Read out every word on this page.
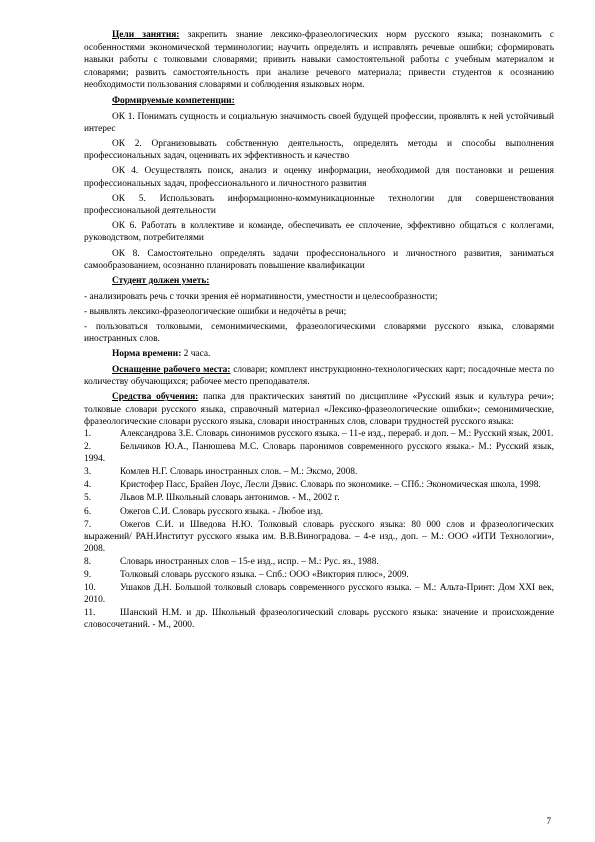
Цели занятия: закрепить знание лексико-фразеологических норм русского языка; познакомить с особенностями экономической терминологии; научить определять и исправлять речевые ошибки; сформировать навыки работы с толковыми словарями; привить навыки самостоятельной работы с учебным материалом и словарями; развить самостоятельность при анализе речевого материала; привести студентов к осознанию необходимости пользования словарями и соблюдения языковых норм.

Формируемые компетенции:

ОК 1. Понимать сущность и социальную значимость своей будущей профессии, проявлять к ней устойчивый интерес

ОК 2. Организовывать собственную деятельность, определять методы и способы выполнения профессиональных задач, оценивать их эффективность и качество

ОК 4. Осуществлять поиск, анализ и оценку информации, необходимой для постановки и решения профессиональных задач, профессионального и личностного развития

ОК 5. Использовать информационно-коммуникационные технологии для совершенствования профессиональной деятельности

ОК 6. Работать в коллективе и команде, обеспечивать ее сплочение, эффективно общаться с коллегами, руководством, потребителями

ОК 8. Самостоятельно определять задачи профессионального и личностного развития, заниматься самообразованием, осознанно планировать повышение квалификации

Студент должен уметь:

- анализировать речь с точки зрения её нормативности, уместности и целесообразности;

- выявлять лексико-фразеологические ошибки и недочёты в речи;

- пользоваться толковыми, семонимическими, фразеологическими словарями русского языка, словарями иностранных слов.

Норма времени: 2 часа.

Оснащение рабочего места: словари; комплект инструкционно-технологических карт; посадочные места по количеству обучающихся; рабочее место преподавателя.

Средства обучения: папка для практических занятий по дисциплине «Русский язык и культура речи»; толковые словари русского языка, справочный материал «Лексико-фразеологические ошибки»; семонимические, фразеологические словари русского языка, словари иностранных слов, словари трудностей русского языка:

1.	Александрова З.Е. Словарь синонимов русского языка. – 11-е изд., перераб. и доп. – М.: Русский язык, 2001.
2.	Бельчиков Ю.А., Панюшева М.С. Словарь паронимов современного русского языка.- М.: Русский язык, 1994.
3.	Комлев Н.Г. Словарь иностранных слов. – М.: Эксмо, 2008.
4.	Кристофер Пасс, Брайен Лоус, Лесли Дэвис. Словарь по экономике. – СПб.: Экономическая школа, 1998.
5.	Львов М.Р. Школьный словарь антонимов. - М., 2002 г.
6.	Ожегов С.И. Словарь русского языка. - Любое изд.
7.	Ожегов С.И. и Шведова Н.Ю. Толковый словарь русского языка: 80 000 слов и фразеологических выражений/ РАН.Институт русского языка им. В.В.Виноградова. – 4-е изд., доп. – М.: ООО «ИТИ Технологии», 2008.
8.	Словарь иностранных слов – 15-е изд., испр. – М.: Рус. яз., 1988.
9.	Толковый словарь русского языка. – Спб.: ООО «Виктория плюс», 2009.
10.	Ушаков Д.Н. Большой толковый словарь современного русского языка. – М.: Альта-Принт: Дом XXI век, 2010.
11.	Шанский Н.М. и др. Школьный фразеологический словарь русского языка: значение и происхождение словосочетаний. - М., 2000.
7
